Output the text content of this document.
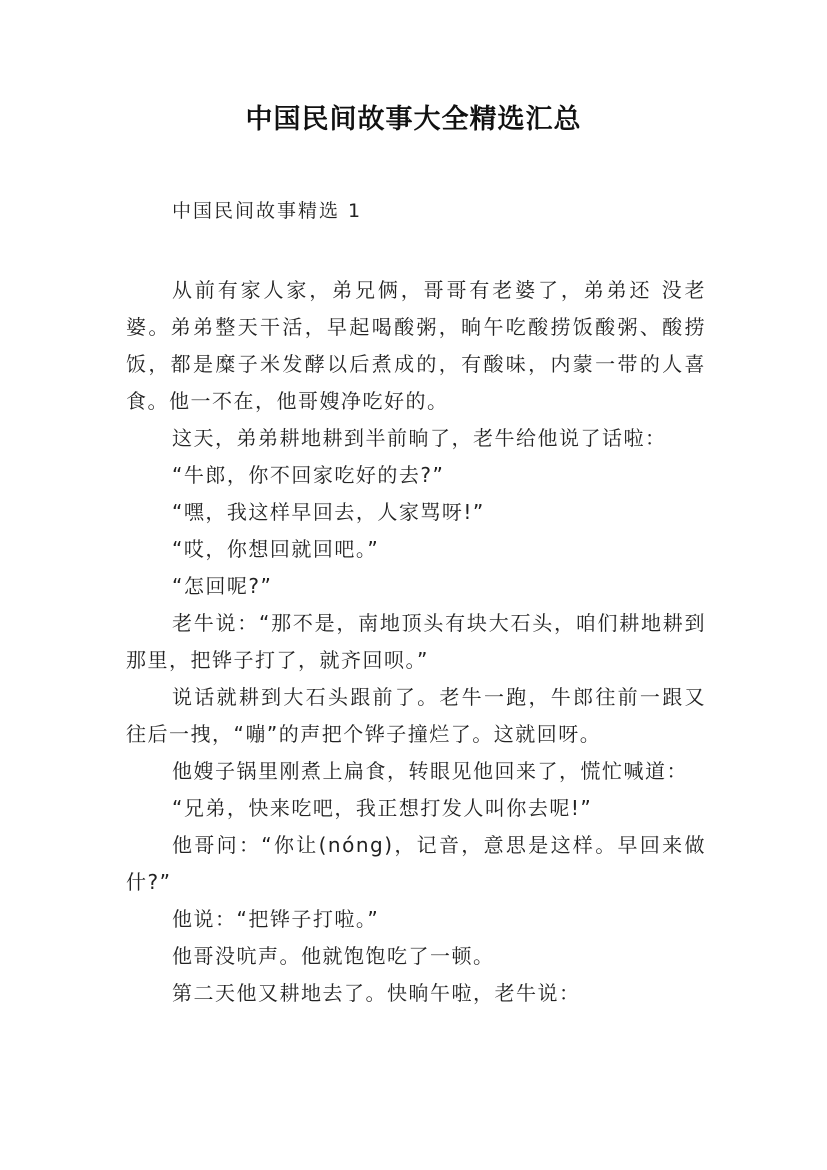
中国民间故事大全精选汇总
中国民间故事精选 1

从前有家人家，弟兄俩，哥哥有老婆了，弟弟还 没老婆。弟弟整天干活，早起喝酸粥，晌午吃酸捞饭酸粥、酸捞饭，都是糜子米发酵以后煮成的，有酸味，内蒙一带的人喜食。他一不在，他哥嫂净吃好的。

这天，弟弟耕地耕到半前晌了，老牛给他说了话啦：

“牛郎，你不回家吃好的去?”

“嘿，我这样早回去，人家骂呀!”

“哎，你想回就回吧。”

“怎回呢?”

老牛说：“那不是，南地顶头有块大石头，咱们耕地耕到那里，把铧子打了，就齐回呗。”

说话就耕到大石头跟前了。老牛一跑，牛郎往前一跟又往后一拽，“嘣”的声把个铧子撞烂了。这就回呀。

他嫂子锅里刚煮上扁食，转眼见他回来了，慌忙喊道：

“兄弟，快来吃吧，我正想打发人叫你去呢!”

他哥问：“你让(nóng)，记音，意思是这样。早回来做什?”

他说：“把铧子打啦。”

他哥没吭声。他就饱饱吃了一顿。

第二天他又耕地去了。快晌午啦，老牛说：
